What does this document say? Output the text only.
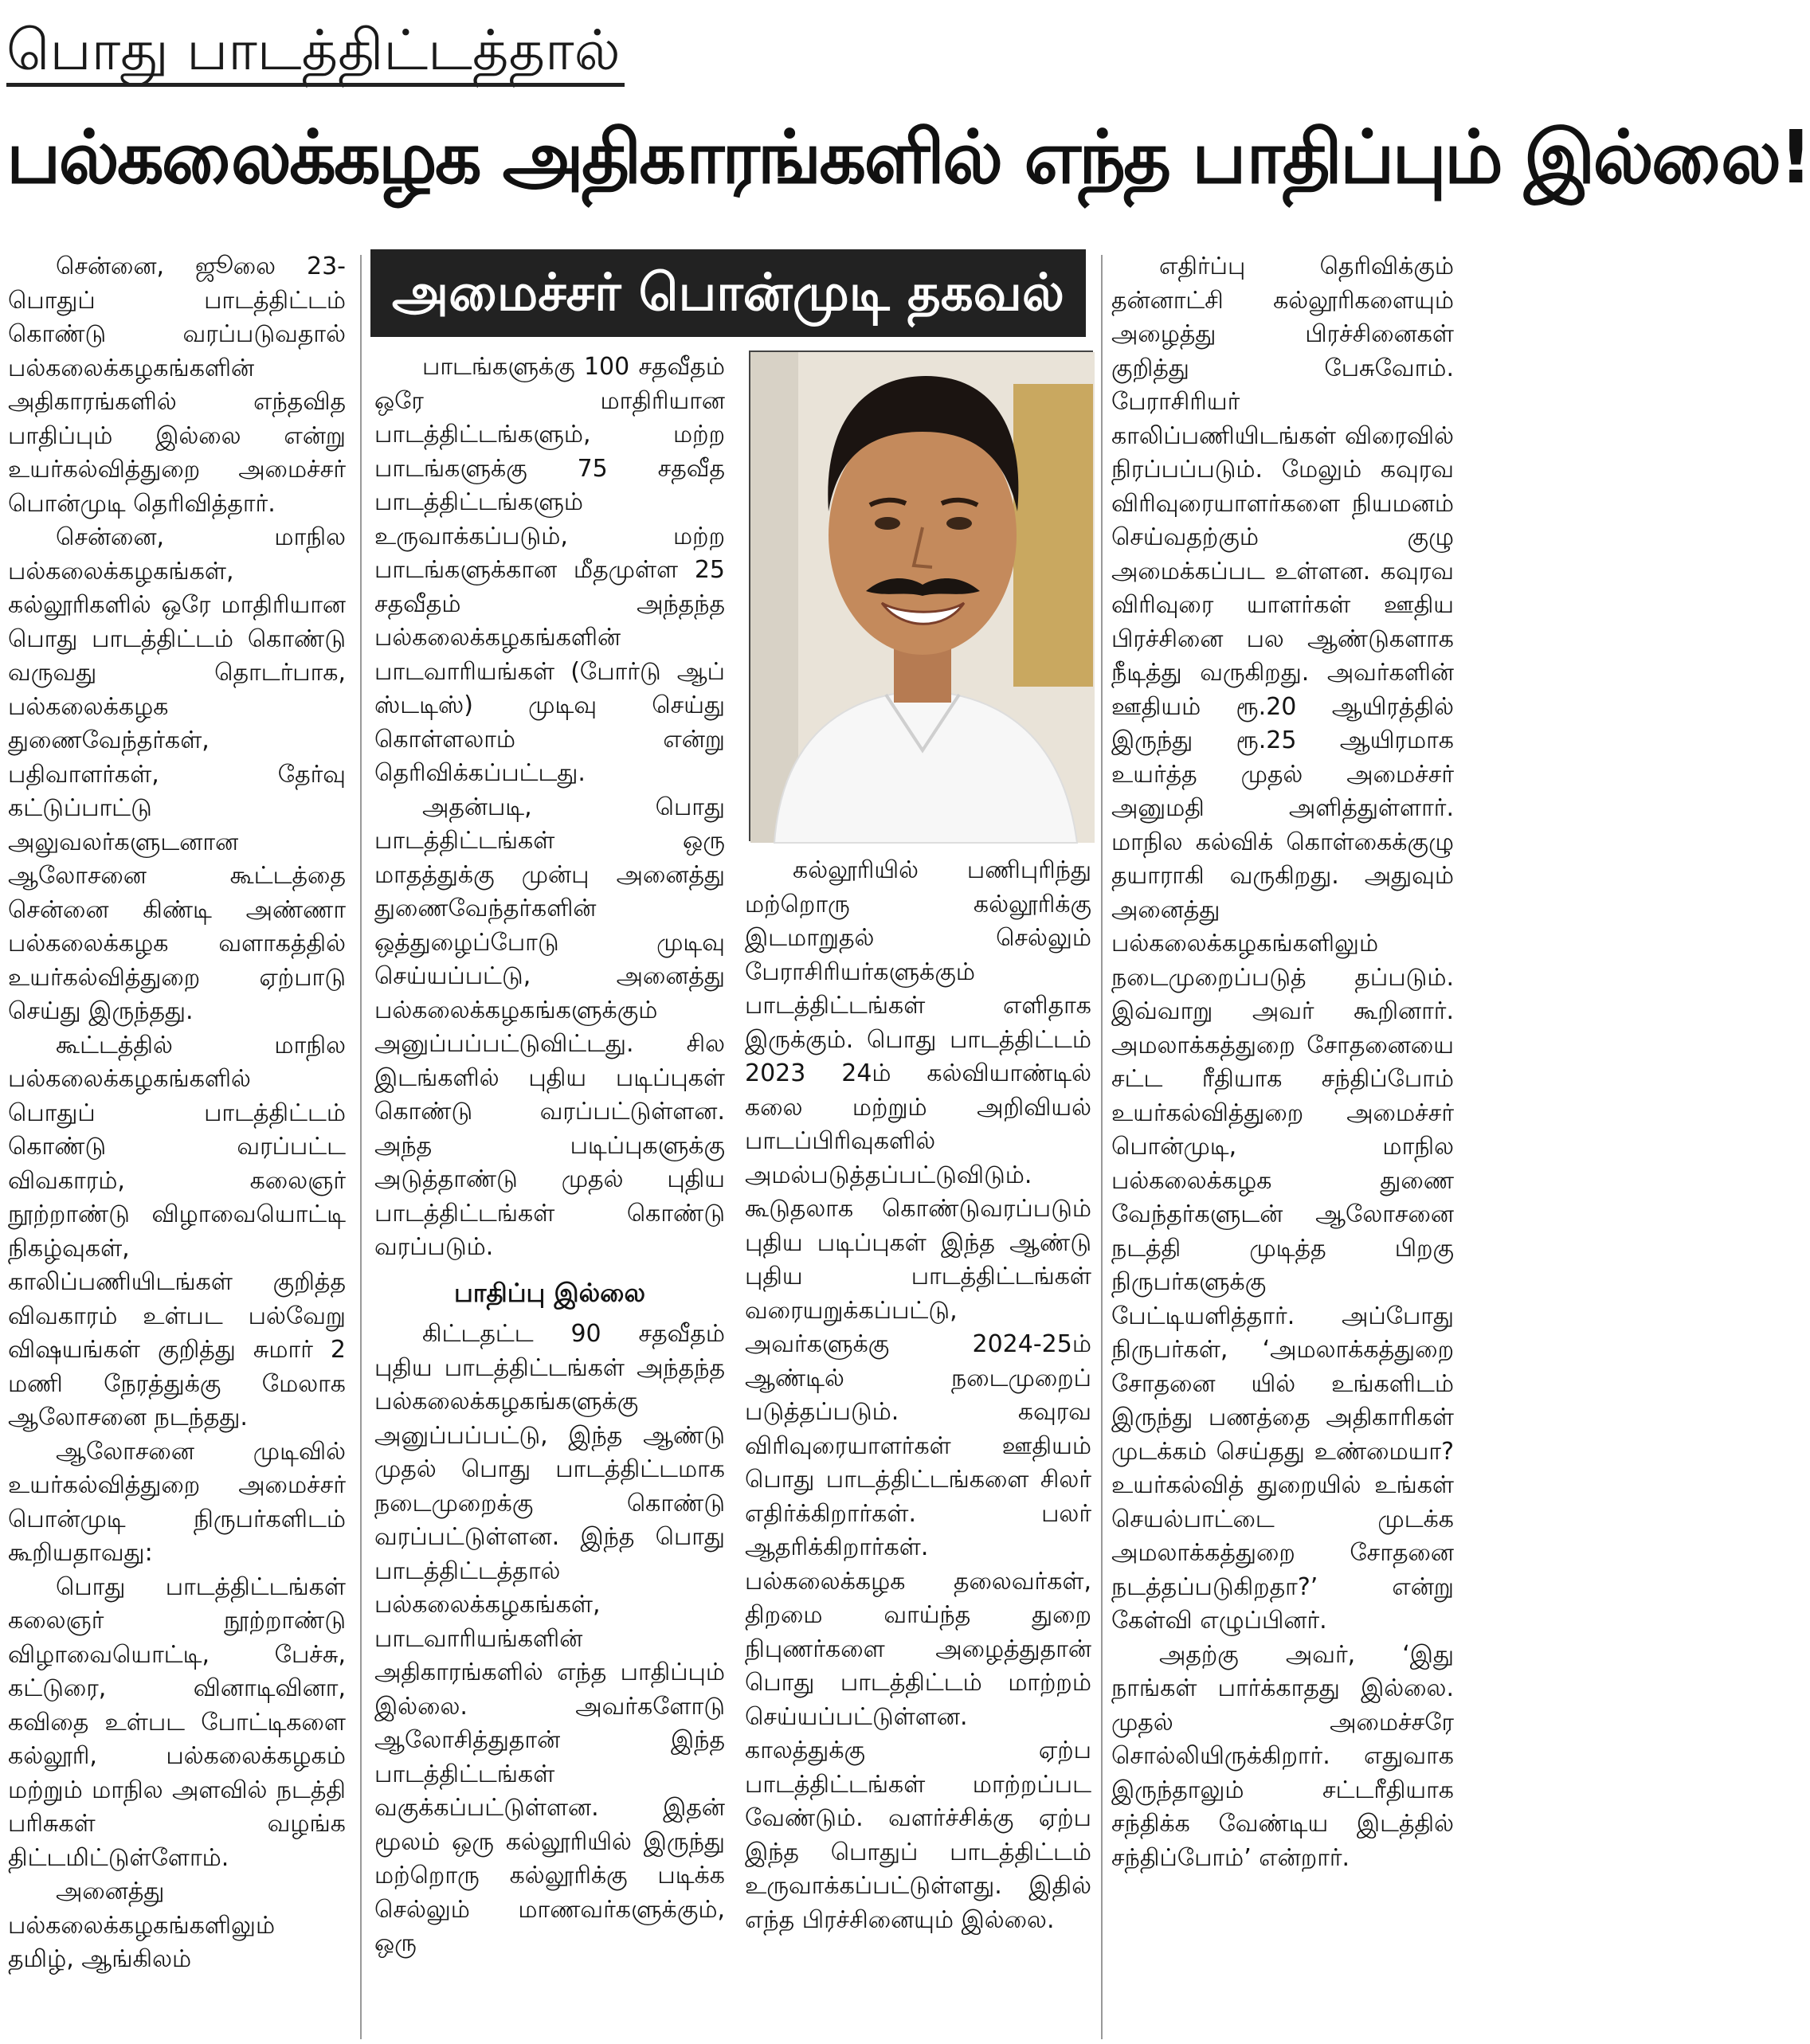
பொது பாடத்திட்டத்தால்
பல்கலைக்கழக அதிகாரங்களில் எந்த பாதிப்பும் இல்லை!
அமைச்சர் பொன்முடி தகவல்

சென்னை, ஜூலை 23- பொதுப் பாடத்திட்டம் கொண்டு வரப்படுவதால் பல்கலைக்கழகங்களின் அதிகாரங்களில் எந்தவித பாதிப்பும் இல்லை என்று உயர்கல்வித்துறை அமைச்சர் பொன்முடி தெரிவித்தார்.

சென்னை, மாநில பல்கலைக்கழகங்கள், கல்லூரிகளில் ஒரே மாதிரியான பொது பாடத்திட்டம் கொண்டு வருவது தொடர்பாக, பல்கலைக்கழக துணைவேந்தர்கள், பதிவாளர்கள், தேர்வு கட்டுப்பாட்டு அலுவலர்களுடனான ஆலோசனை கூட்டத்தை சென்னை கிண்டி அண்ணா பல்கலைக்கழக வளாகத்தில் உயர்கல்வித்துறை ஏற்பாடு செய்து இருந்தது.

கூட்டத்தில் மாநில பல்கலைக்கழகங்களில் பொதுப் பாடத்திட்டம் கொண்டு வரப்பட்ட விவகாரம், கலைஞர் நூற்றாண்டு விழாவையொட்டி நிகழ்வுகள், காலிப்பணியிடங்கள் குறித்த விவகாரம் உள்பட பல்வேறு விஷயங்கள் குறித்து சுமார் 2 மணி நேரத்துக்கு மேலாக ஆலோசனை நடந்தது.

ஆலோசனை முடிவில் உயர்கல்வித்துறை அமைச்சர் பொன்முடி நிருபர்களிடம் கூறியதாவது:

பொது பாடத்திட்டங்கள் கலைஞர் நூற்றாண்டு விழாவையொட்டி, பேச்சு, கட்டுரை, வினாடிவினா, கவிதை உள்பட போட்டிகளை கல்லூரி, பல்கலைக்கழகம் மற்றும் மாநில அளவில் நடத்தி பரிசுகள் வழங்க திட்டமிட்டுள்ளோம்.

அனைத்து பல்கலைக்கழகங்களிலும் தமிழ், ஆங்கிலம்

பாடங்களுக்கு 100 சதவீதம் ஒரே மாதிரியான பாடத்திட்டங்களும், மற்ற பாடங்களுக்கு 75 சதவீத பாடத்திட்டங்களும் உருவாக்கப்படும், மற்ற பாடங்களுக்கான மீதமுள்ள 25 சதவீதம் அந்தந்த பல்கலைக்கழகங்களின் பாடவாரியங்கள் (போர்டு ஆப் ஸ்டடிஸ்) முடிவு செய்து கொள்ளலாம் என்று தெரிவிக்கப்பட்டது.

அதன்படி, பொது பாடத்திட்டங்கள் ஒரு மாதத்துக்கு முன்பு அனைத்து துணைவேந்தர்களின் ஒத்துழைப்போடு முடிவு செய்யப்பட்டு, அனைத்து பல்கலைக்கழகங்களுக்கும் அனுப்பப்பட்டுவிட்டது. சில இடங்களில் புதிய படிப்புகள் கொண்டு வரப்பட்டுள்ளன. அந்த படிப்புகளுக்கு அடுத்தாண்டு முதல் புதிய பாடத்திட்டங்கள் கொண்டு வரப்படும்.

பாதிப்பு இல்லை

கிட்டதட்ட 90 சதவீதம் புதிய பாடத்திட்டங்கள் அந்தந்த பல்கலைக்கழகங்களுக்கு அனுப்பப்பட்டு, இந்த ஆண்டு முதல் பொது பாடத்திட்டமாக நடைமுறைக்கு கொண்டு வரப்பட்டுள்ளன. இந்த பொது பாடத்திட்டத்தால் பல்கலைக்கழகங்கள், பாடவாரியங்களின் அதிகாரங்களில் எந்த பாதிப்பும் இல்லை. அவர்களோடு ஆலோசித்துதான் இந்த பாடத்திட்டங்கள் வகுக்கப்பட்டுள்ளன. இதன் மூலம் ஒரு கல்லூரியில் இருந்து மற்றொரு கல்லூரிக்கு படிக்க செல்லும் மாணவர்களுக்கும், ஒரு

கல்லூரியில் பணிபுரிந்து மற்றொரு கல்லூரிக்கு இடமாறுதல் செல்லும் பேராசிரியர்களுக்கும் பாடத்திட்டங்கள் எளிதாக இருக்கும். பொது பாடத்திட்டம் 2023 24ம் கல்வியாண்டில் கலை மற்றும் அறிவியல் பாடப்பிரிவுகளில் அமல்படுத்தப்பட்டுவிடும். கூடுதலாக கொண்டுவரப்படும் புதிய படிப்புகள் இந்த ஆண்டு புதிய பாடத்திட்டங்கள் வரையறுக்கப்பட்டு, அவர்களுக்கு 2024-25ம் ஆண்டில் நடைமுறைப் படுத்தப்படும். கவுரவ விரிவுரையாளர்கள் ஊதியம் பொது பாடத்திட்டங்களை சிலர் எதிர்க்கிறார்கள். பலர் ஆதரிக்கிறார்கள். பல்கலைக்கழக தலைவர்கள், திறமை வாய்ந்த துறை நிபுணர்களை அழைத்துதான் பொது பாடத்திட்டம் மாற்றம் செய்யப்பட்டுள்ளன. காலத்துக்கு ஏற்ப பாடத்திட்டங்கள் மாற்றப்பட வேண்டும். வளர்ச்சிக்கு ஏற்ப இந்த பொதுப் பாடத்திட்டம் உருவாக்கப்பட்டுள்ளது. இதில் எந்த பிரச்சினையும் இல்லை.

எதிர்ப்பு தெரிவிக்கும் தன்னாட்சி கல்லூரிகளையும் அழைத்து பிரச்சினைகள் குறித்து பேசுவோம். பேராசிரியர் காலிப்பணியிடங்கள் விரைவில் நிரப்பப்படும். மேலும் கவுரவ விரிவுரையாளர்களை நியமனம் செய்வதற்கும் குழு அமைக்கப்பட உள்ளன. கவுரவ விரிவுரை யாளர்கள் ஊதிய பிரச்சினை பல ஆண்டுகளாக நீடித்து வருகிறது. அவர்களின் ஊதியம் ரூ.20 ஆயிரத்தில் இருந்து ரூ.25 ஆயிரமாக உயர்த்த முதல் அமைச்சர் அனுமதி அளித்துள்ளார். மாநில கல்விக் கொள்கைக்குழு தயாராகி வருகிறது. அதுவும் அனைத்து பல்கலைக்கழகங்களிலும் நடைமுறைப்படுத் தப்படும். இவ்வாறு அவர் கூறினார். அமலாக்கத்துறை சோதனையை சட்ட ரீதியாக சந்திப்போம் உயர்கல்வித்துறை அமைச்சர் பொன்முடி, மாநில பல்கலைக்கழக துணை வேந்தர்களுடன் ஆலோசனை நடத்தி முடித்த பிறகு நிருபர்களுக்கு பேட்டியளித்தார். அப்போது நிருபர்கள், ‘அமலாக்கத்துறை சோதனை யில் உங்களிடம் இருந்து பணத்தை அதிகாரிகள் முடக்கம் செய்தது உண்மையா? உயர்கல்வித் துறையில் உங்கள் செயல்பாட்டை முடக்க அமலாக்கத்துறை சோதனை நடத்தப்படுகிறதா?’ என்று கேள்வி எழுப்பினர்.

அதற்கு அவர், ‘இது நாங்கள் பார்க்காதது இல்லை. முதல் அமைச்சரே சொல்லியிருக்கிறார். எதுவாக இருந்தாலும் சட்டரீதியாக சந்திக்க வேண்டிய இடத்தில் சந்திப்போம்’ என்றார்.
